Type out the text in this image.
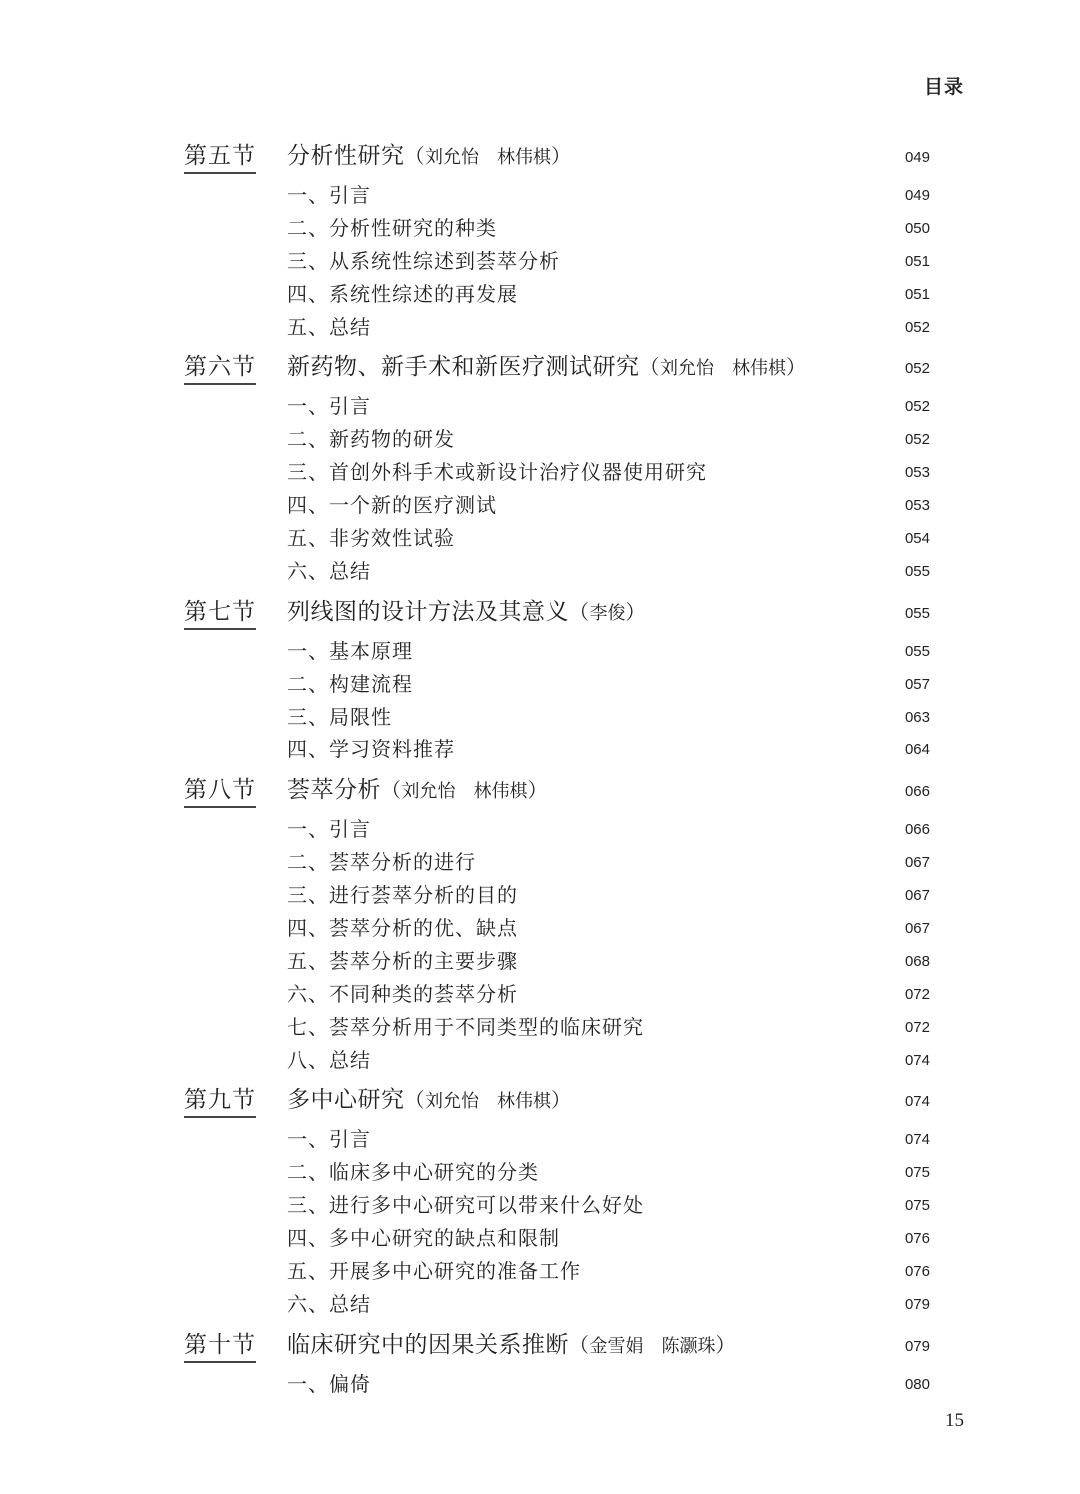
目录
第五节 分析性研究（刘允怡　林伟棋）	049
一、引言	049
二、分析性研究的种类	050
三、从系统性综述到荟萃分析	051
四、系统性综述的再发展	051
五、总结	052
第六节 新药物、新手术和新医疗测试研究（刘允怡　林伟棋）	052
一、引言	052
二、新药物的研发	052
三、首创外科手术或新设计治疗仪器使用研究	053
四、一个新的医疗测试	053
五、非劣效性试验	054
六、总结	055
第七节 列线图的设计方法及其意义（李俊）	055
一、基本原理	055
二、构建流程	057
三、局限性	063
四、学习资料推荐	064
第八节 荟萃分析（刘允怡　林伟棋）	066
一、引言	066
二、荟萃分析的进行	067
三、进行荟萃分析的目的	067
四、荟萃分析的优、缺点	067
五、荟萃分析的主要步骤	068
六、不同种类的荟萃分析	072
七、荟萃分析用于不同类型的临床研究	072
八、总结	074
第九节 多中心研究（刘允怡　林伟棋）	074
一、引言	074
二、临床多中心研究的分类	075
三、进行多中心研究可以带来什么好处	075
四、多中心研究的缺点和限制	076
五、开展多中心研究的准备工作	076
六、总结	079
第十节 临床研究中的因果关系推断（金雪娟　陈灏珠）	079
一、偏倚	080
15
